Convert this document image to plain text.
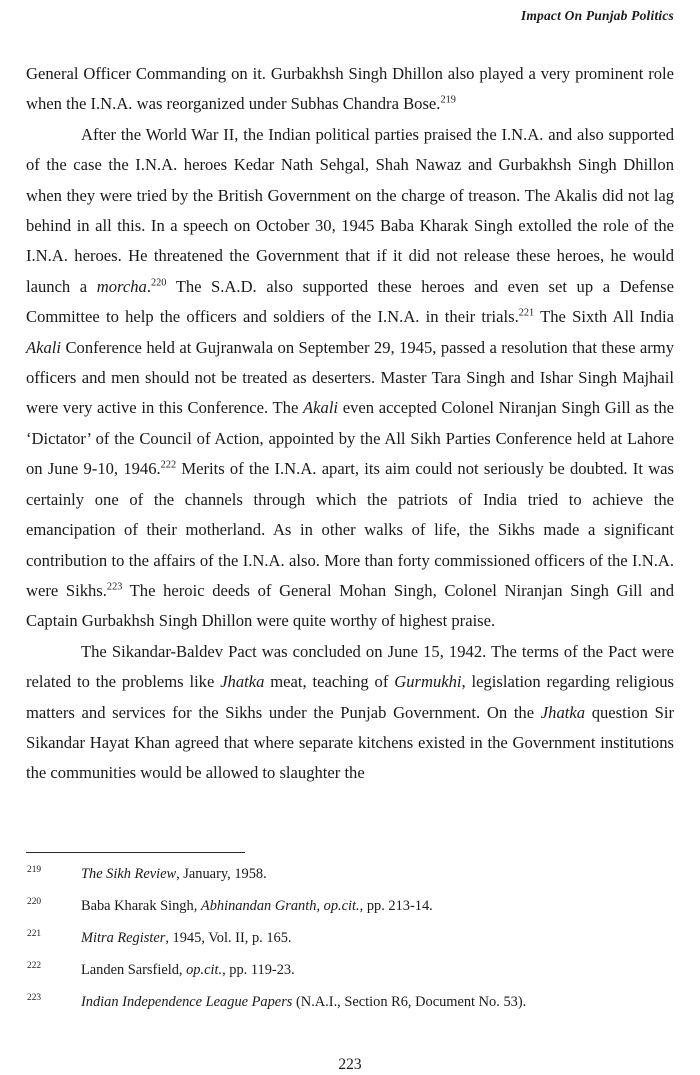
Impact On Punjab Politics

General Officer Commanding on it. Gurbakhsh Singh Dhillon also played a very prominent role when the I.N.A. was reorganized under Subhas Chandra Bose.$^{219}$

After the World War II, the Indian political parties praised the I.N.A. and also supported of the case the I.N.A. heroes Kedar Nath Sehgal, Shah Nawaz and Gurbakhsh Singh Dhillon when they were tried by the British Government on the charge of treason. The Akalis did not lag behind in all this. In a speech on October 30, 1945 Baba Kharak Singh extolled the role of the I.N.A. heroes. He threatened the Government that if it did not release these heroes, he would launch a morcha.$^{220}$ The S.A.D. also supported these heroes and even set up a Defense Committee to help the officers and soldiers of the I.N.A. in their trials.$^{221}$ The Sixth All India Akali Conference held at Gujranwala on September 29, 1945, passed a resolution that these army officers and men should not be treated as deserters. Master Tara Singh and Ishar Singh Majhail were very active in this Conference. The Akali even accepted Colonel Niranjan Singh Gill as the ‘Dictator’ of the Council of Action, appointed by the All Sikh Parties Conference held at Lahore on June 9-10, 1946.$^{222}$ Merits of the I.N.A. apart, its aim could not seriously be doubted. It was certainly one of the channels through which the patriots of India tried to achieve the emancipation of their motherland. As in other walks of life, the Sikhs made a significant contribution to the affairs of the I.N.A. also. More than forty commissioned officers of the I.N.A. were Sikhs.$^{223}$ The heroic deeds of General Mohan Singh, Colonel Niranjan Singh Gill and Captain Gurbakhsh Singh Dhillon were quite worthy of highest praise.

The Sikandar-Baldev Pact was concluded on June 15, 1942. The terms of the Pact were related to the problems like Jhatka meat, teaching of Gurmukhi, legislation regarding religious matters and services for the Sikhs under the Punjab Government. On the Jhatka question Sir Sikandar Hayat Khan agreed that where separate kitchens existed in the Government institutions the communities would be allowed to slaughter the

219	The Sikh Review, January, 1958.
220	Baba Kharak Singh, Abhinandan Granth, op.cit., pp. 213-14.
221	Mitra Register, 1945, Vol. II, p. 165.
222	Landen Sarsfield, op.cit., pp. 119-23.
223	Indian Independence League Papers (N.A.I., Section R6, Document No. 53).
223
